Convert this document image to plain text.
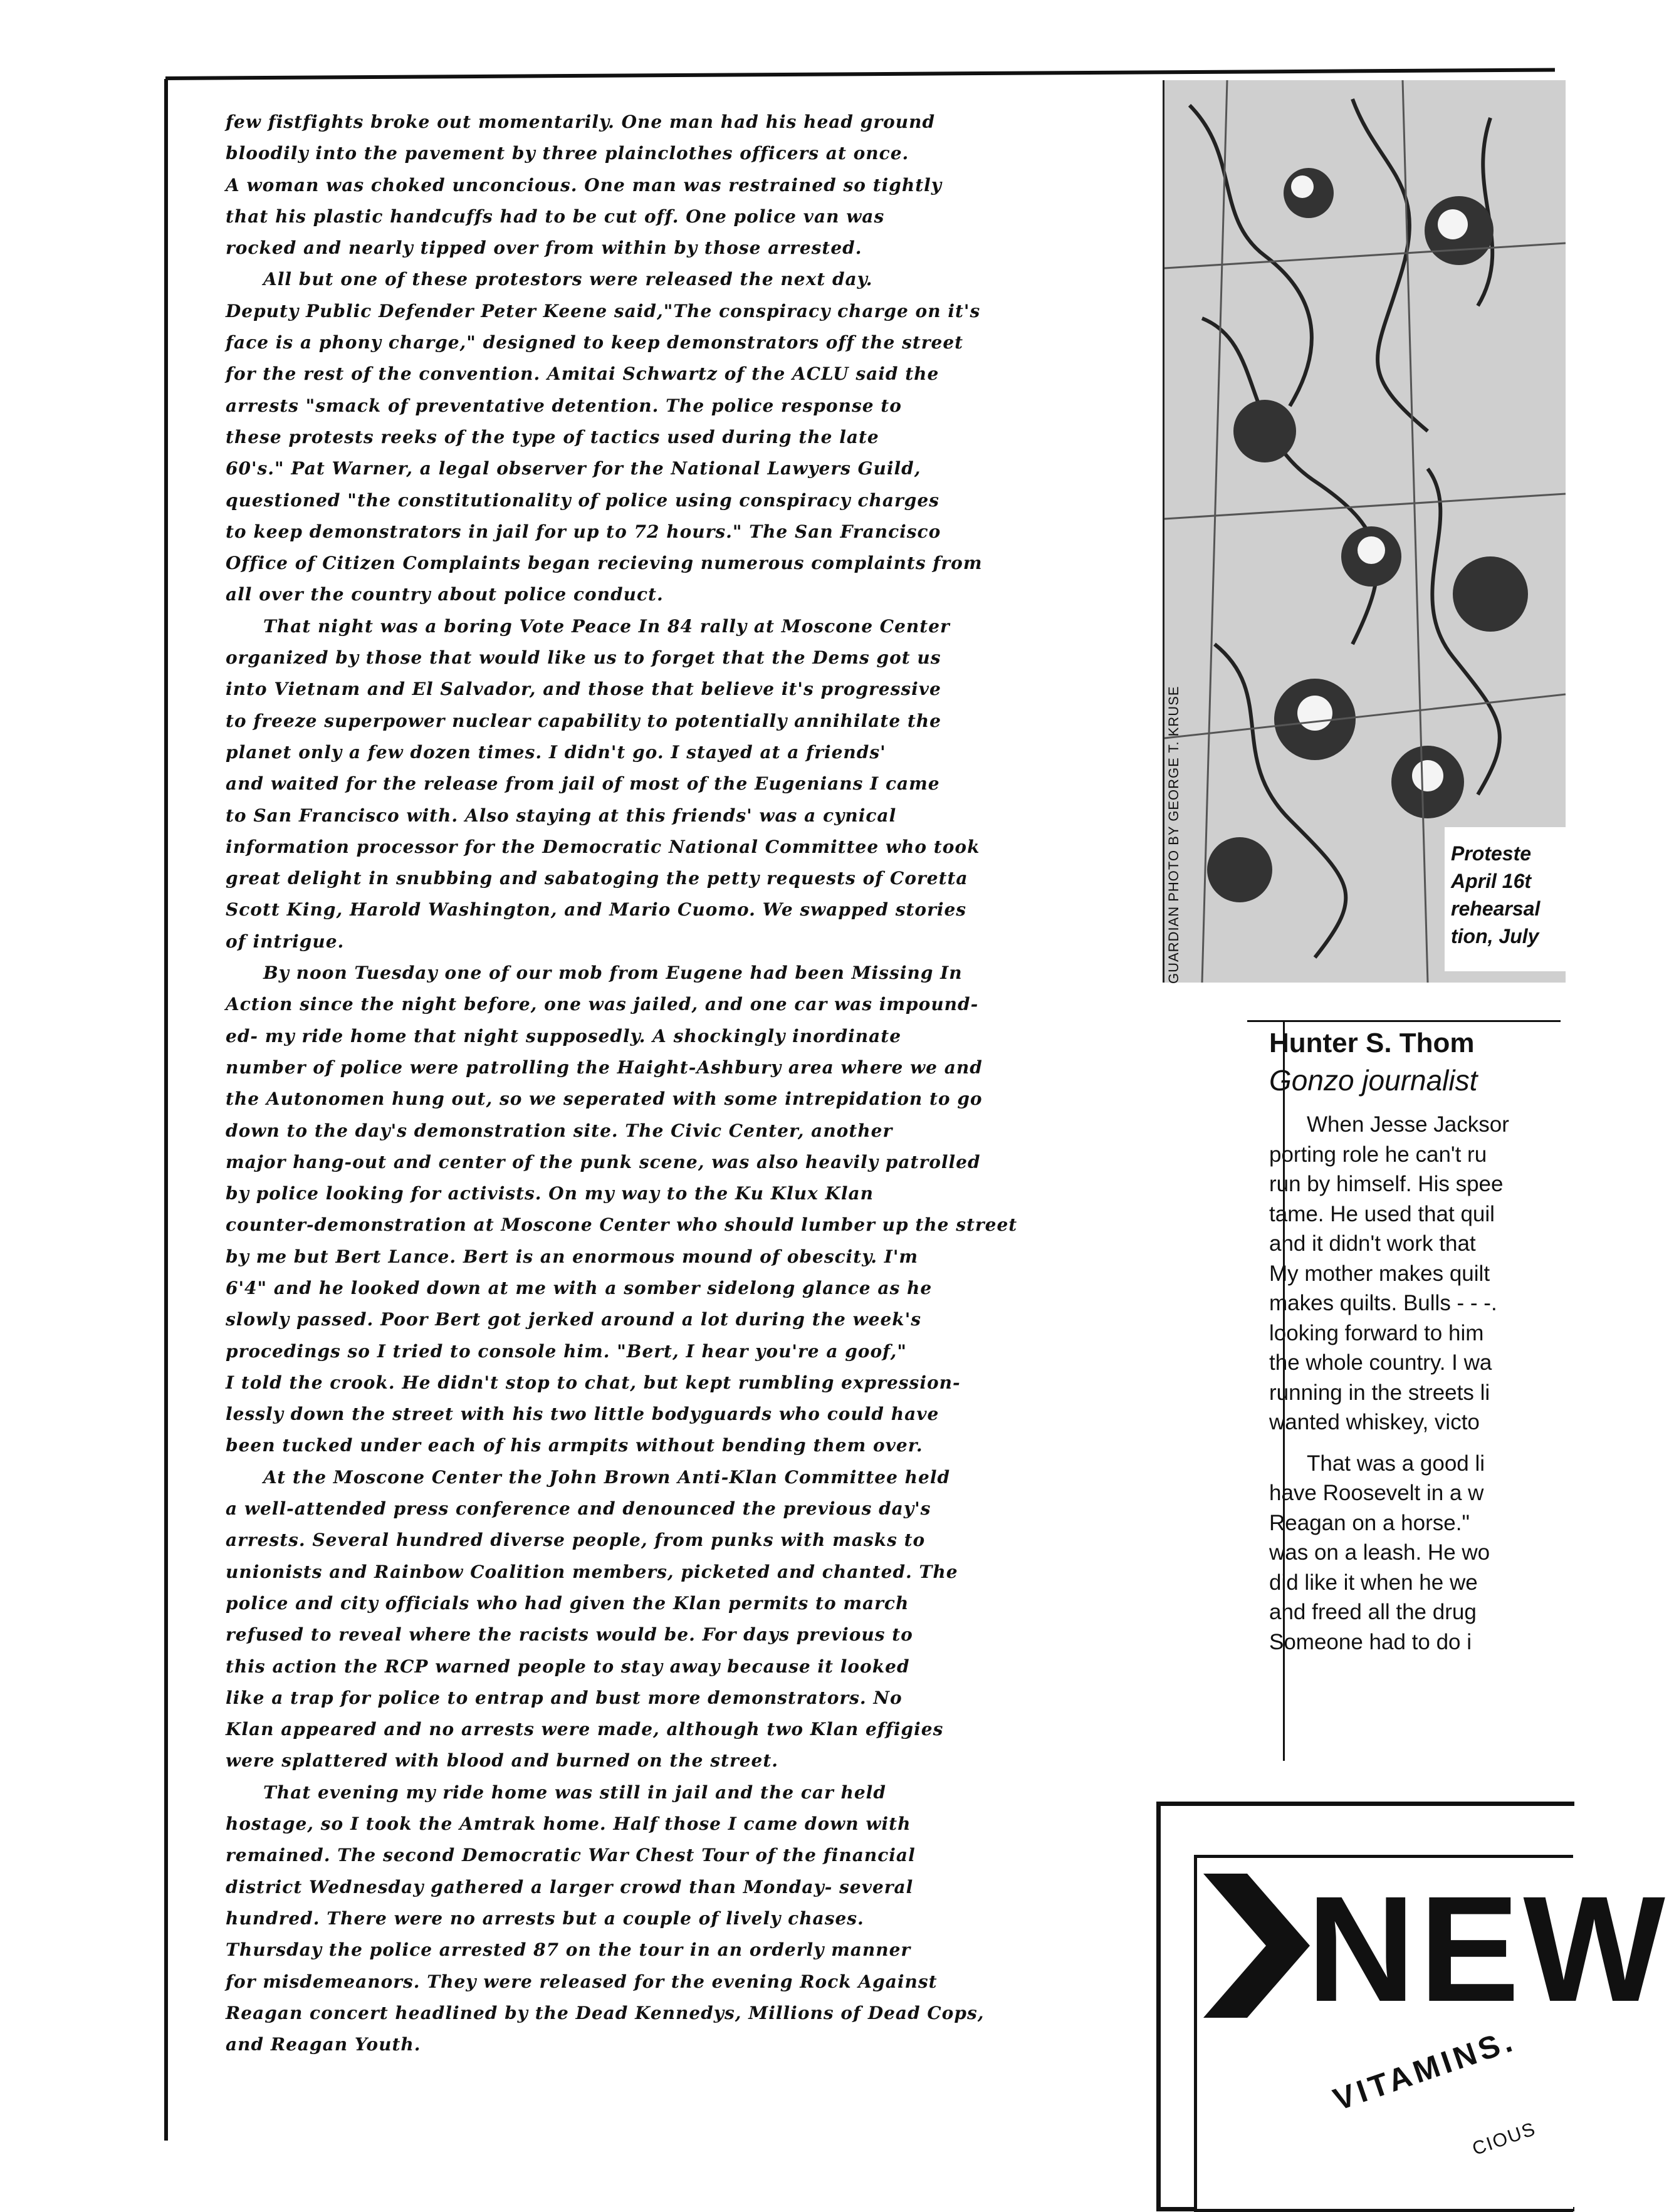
few fistfights broke out momentarily. One man had his head ground
bloodily into the pavement by three plainclothes officers at once.
A woman was choked unconcious. One man was restrained so tightly
that his plastic handcuffs had to be cut off. One police van was
rocked and nearly tipped over from within by those arrested.
All but one of these protestors were released the next day.
Deputy Public Defender Peter Keene said,"The conspiracy charge on it's
face is a phony charge," designed to keep demonstrators off the street
for the rest of the convention. Amitai Schwartz of the ACLU said the
arrests "smack of preventative detention. The police response to
these protests reeks of the type of tactics used during the late
60's." Pat Warner, a legal observer for the National Lawyers Guild,
questioned "the constitutionality of police using conspiracy charges
to keep demonstrators in jail for up to 72 hours." The San Francisco
Office of Citizen Complaints began recieving numerous complaints from
all over the country about police conduct.
That night was a boring Vote Peace In 84 rally at Moscone Center
organized by those that would like us to forget that the Dems got us
into Vietnam and El Salvador, and those that believe it's progressive
to freeze superpower nuclear capability to potentially annihilate the
planet only a few dozen times. I didn't go. I stayed at a friends'
and waited for the release from jail of most of the Eugenians I came
to San Francisco with. Also staying at this friends' was a cynical
information processor for the Democratic National Committee who took
great delight in snubbing and sabatoging the petty requests of Coretta
Scott King, Harold Washington, and Mario Cuomo. We swapped stories
of intrigue.
By noon Tuesday one of our mob from Eugene had been Missing In
Action since the night before, one was jailed, and one car was impound-
ed- my ride home that night supposedly. A shockingly inordinate
number of police were patrolling the Haight-Ashbury area where we and
the Autonomen hung out, so we seperated with some intrepidation to go
down to the day's demonstration site. The Civic Center, another
major hang-out and center of the punk scene, was also heavily patrolled
by police looking for activists. On my way to the Ku Klux Klan
counter-demonstration at Moscone Center who should lumber up the street
by me but Bert Lance. Bert is an enormous mound of obescity. I'm
6'4" and he looked down at me with a somber sidelong glance as he
slowly passed. Poor Bert got jerked around a lot during the week's
procedings so I tried to console him. "Bert, I hear you're a goof,"
I told the crook. He didn't stop to chat, but kept rumbling expression-
lessly down the street with his two little bodyguards who could have
been tucked under each of his armpits without bending them over.
At the Moscone Center the John Brown Anti-Klan Committee held
a well-attended press conference and denounced the previous day's
arrests. Several hundred diverse people, from punks with masks to
unionists and Rainbow Coalition members, picketed and chanted. The
police and city officials who had given the Klan permits to march
refused to reveal where the racists would be. For days previous to
this action the RCP warned people to stay away because it looked
like a trap for police to entrap and bust more demonstrators. No
Klan appeared and no arrests were made, although two Klan effigies
were splattered with blood and burned on the street.
That evening my ride home was still in jail and the car held
hostage, so I took the Amtrak home. Half those I came down with
remained. The second Democratic War Chest Tour of the financial
district Wednesday gathered a larger crowd than Monday- several
hundred. There were no arrests but a couple of lively chases.
Thursday the police arrested 87 on the tour in an orderly manner
for misdemeanors. They were released for the evening Rock Against
Reagan concert headlined by the Dead Kennedys, Millions of Dead Cops,
and Reagan Youth.
GUARDIAN PHOTO BY GEORGE T. KRUSE	Proteste
April 16t
rehearsal
tion, July
Hunter S. Thom
Gonzo journalist
When Jesse Jacksor
porting role he can't ru
run by himself. His spee
tame. He used that quil
and it didn't work that
My mother makes quilt
makes quilts. Bulls - - -.
looking forward to him
the whole country. I wa
running in the streets li
wanted whiskey, victo
That was a good li
have Roosevelt in a w
Reagan on a horse."
was on a leash. He wo
did like it when he we
and freed all the drug
Someone had to do i
NEW
VITAMINS.
CIOUS
